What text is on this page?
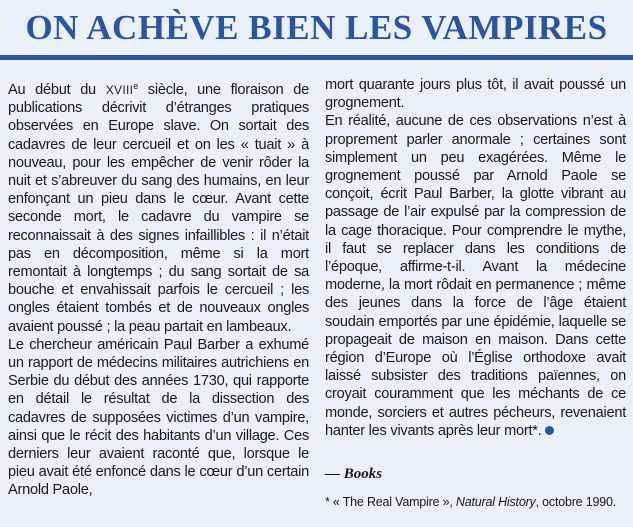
ON ACHÈVE BIEN LES VAMPIRES

Au début du XVIIIe siècle, une floraison de publications décrivit d’étranges pratiques observées en Europe slave. On sortait des cadavres de leur cercueil et on les « tuait » à nouveau, pour les empêcher de venir rôder la nuit et s’abreuver du sang des humains, en leur enfonçant un pieu dans le cœur. Avant cette seconde mort, le cadavre du vampire se reconnaissait à des signes infaillibles : il n’était pas en décomposition, même si la mort remontait à longtemps ; du sang sortait de sa bouche et envahissait parfois le cercueil ; les ongles étaient tombés et de nouveaux ongles avaient poussé ; la peau partait en lambeaux.

Le chercheur américain Paul Barber a exhumé un rapport de médecins militaires autrichiens en Serbie du début des années 1730, qui rapporte en détail le résultat de la dissection des cadavres de supposées victimes d’un vampire, ainsi que le récit des habitants d’un village. Ces derniers leur avaient raconté que, lorsque le pieu avait été enfoncé dans le cœur d’un certain Arnold Paole,

mort quarante jours plus tôt, il avait poussé un grognement.

En réalité, aucune de ces observations n’est à proprement parler anormale ; certaines sont simplement un peu exagérées. Même le grognement poussé par Arnold Paole se conçoit, écrit Paul Barber, la glotte vibrant au passage de l’air expulsé par la compression de la cage thoracique. Pour comprendre le mythe, il faut se replacer dans les conditions de l’époque, affirme-t-il. Avant la médecine moderne, la mort rôdait en permanence ; même des jeunes dans la force de l’âge étaient soudain emportés par une épidémie, laquelle se propageait de maison en maison. Dans cette région d’Europe où l’Église orthodoxe avait laissé subsister des traditions païennes, on croyait couramment que les méchants de ce monde, sorciers et autres pécheurs, revenaient hanter les vivants après leur mort*.

— Books
* « The Real Vampire », Natural History, octobre 1990.
